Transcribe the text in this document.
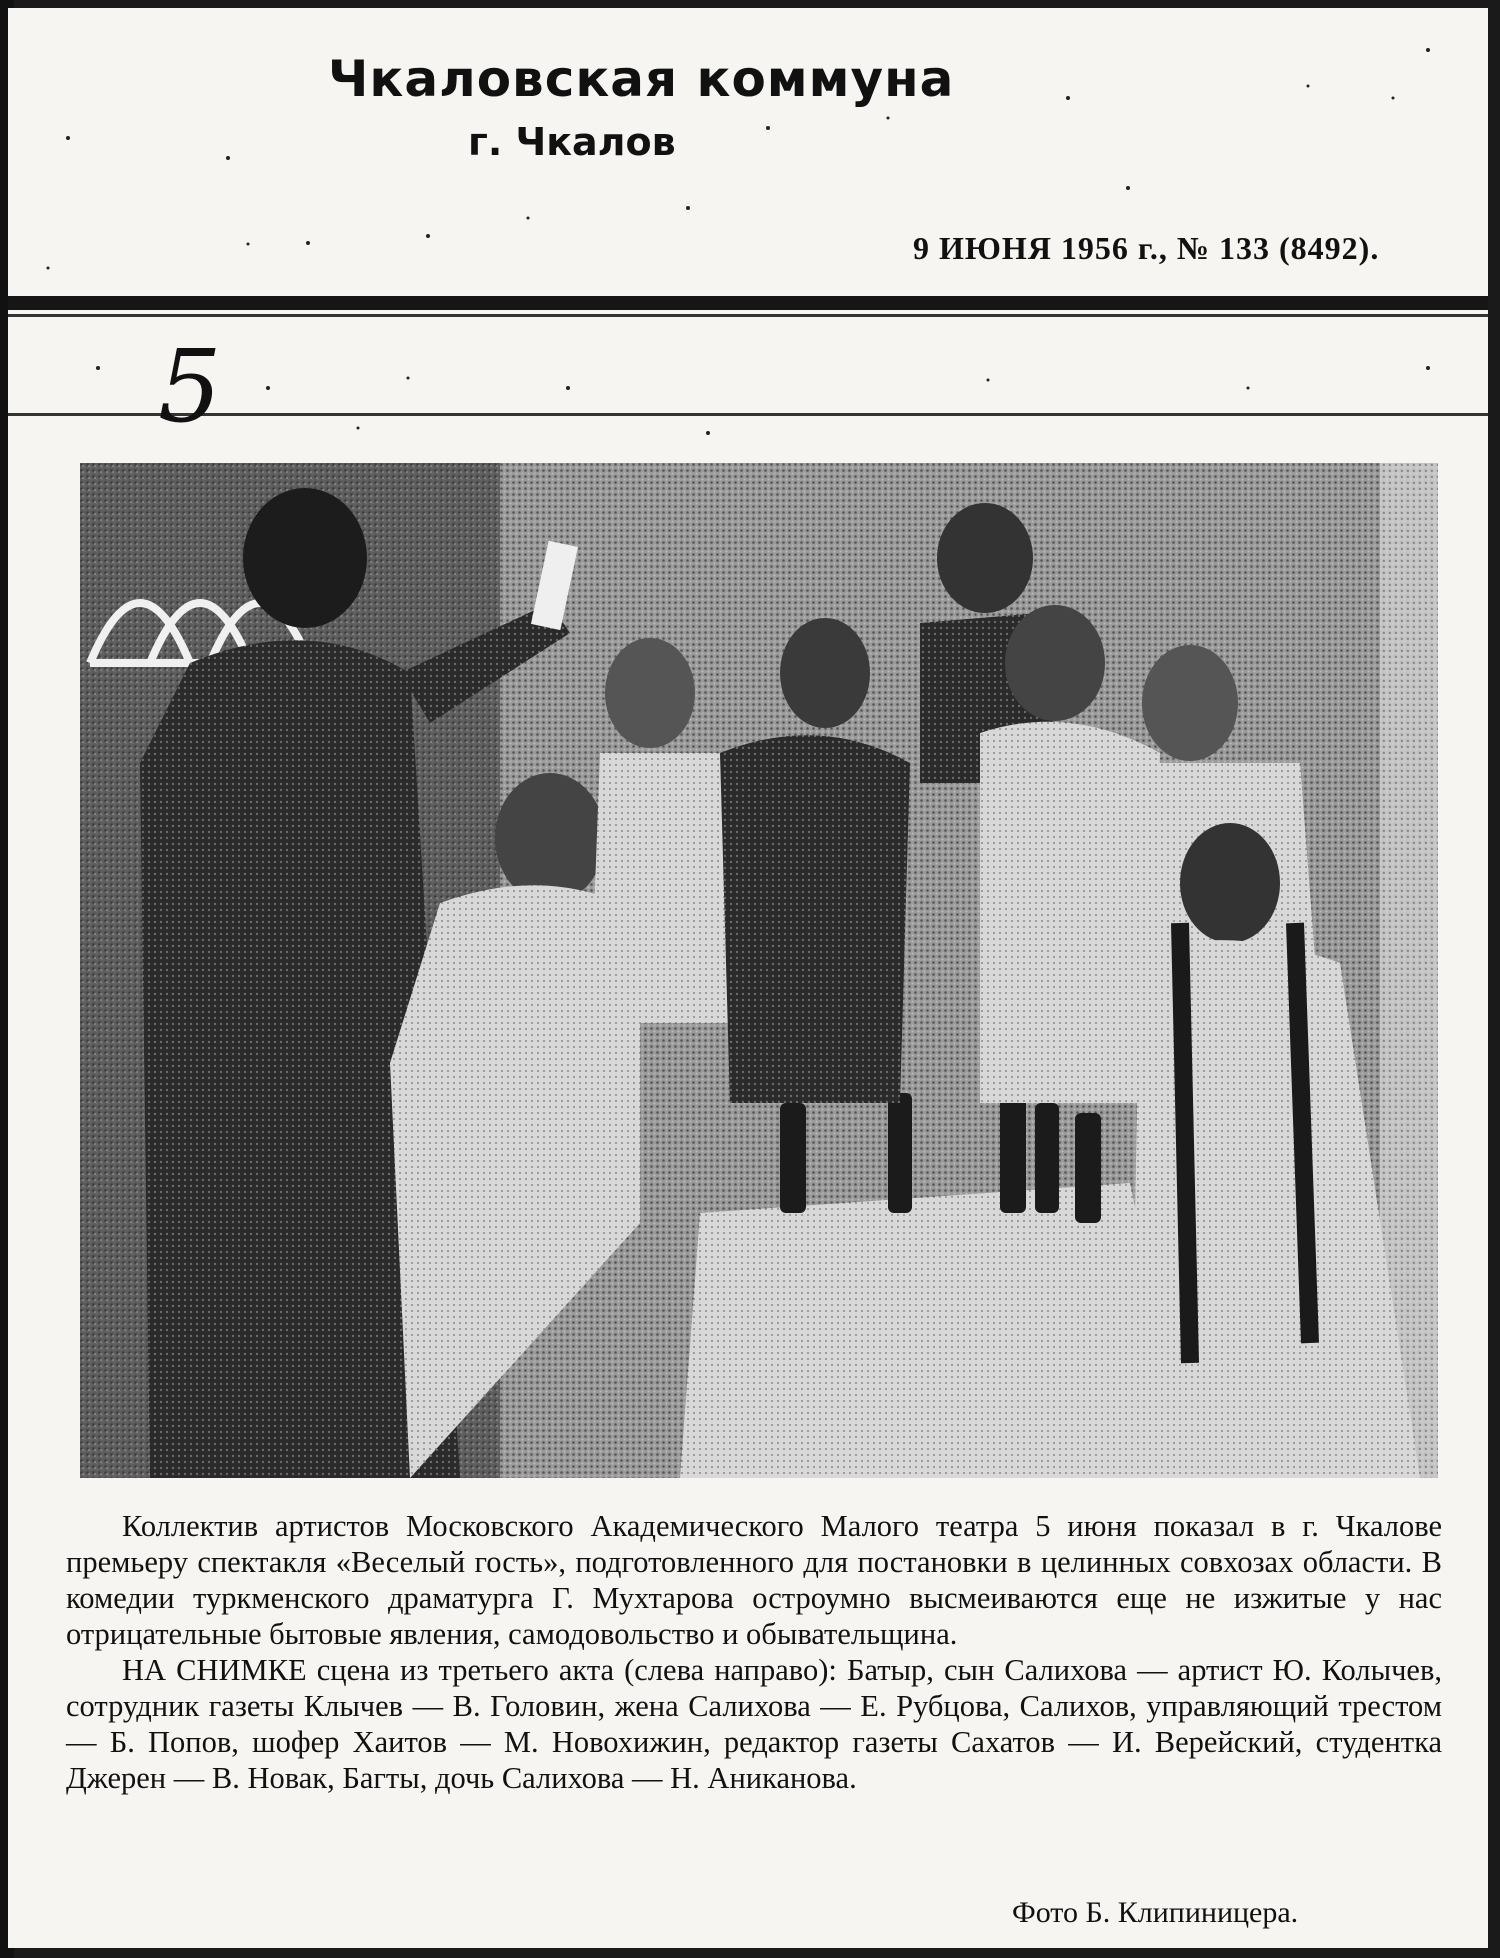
Чкаловская коммуна
г. Чкалов
9 ИЮНЯ 1956 г., № 133 (8492).
5

Коллектив артистов Московского Академического Малого театра 5 июня показал в г. Чкалове премьеру спектакля «Веселый гость», подготовленного для постановки в целинных совхозах области. В комедии туркменского драматурга Г. Мухтарова остроумно высмеиваются еще не изжитые у нас отрицательные бытовые явления, самодовольство и обывательщина.

НА СНИМКЕ сцена из третьего акта (слева направо): Батыр, сын Салихова — артист Ю. Колычев, сотрудник газеты Клычев — В. Головин, жена Салихова — Е. Рубцова, Салихов, управляющий трестом — Б. Попов, шофер Хаитов — М. Новохижин, редактор газеты Сахатов — И. Верейский, студентка Джерен — В. Новак, Багты, дочь Салихова — Н. Аниканова.

Фото Б. Клипиницера.
